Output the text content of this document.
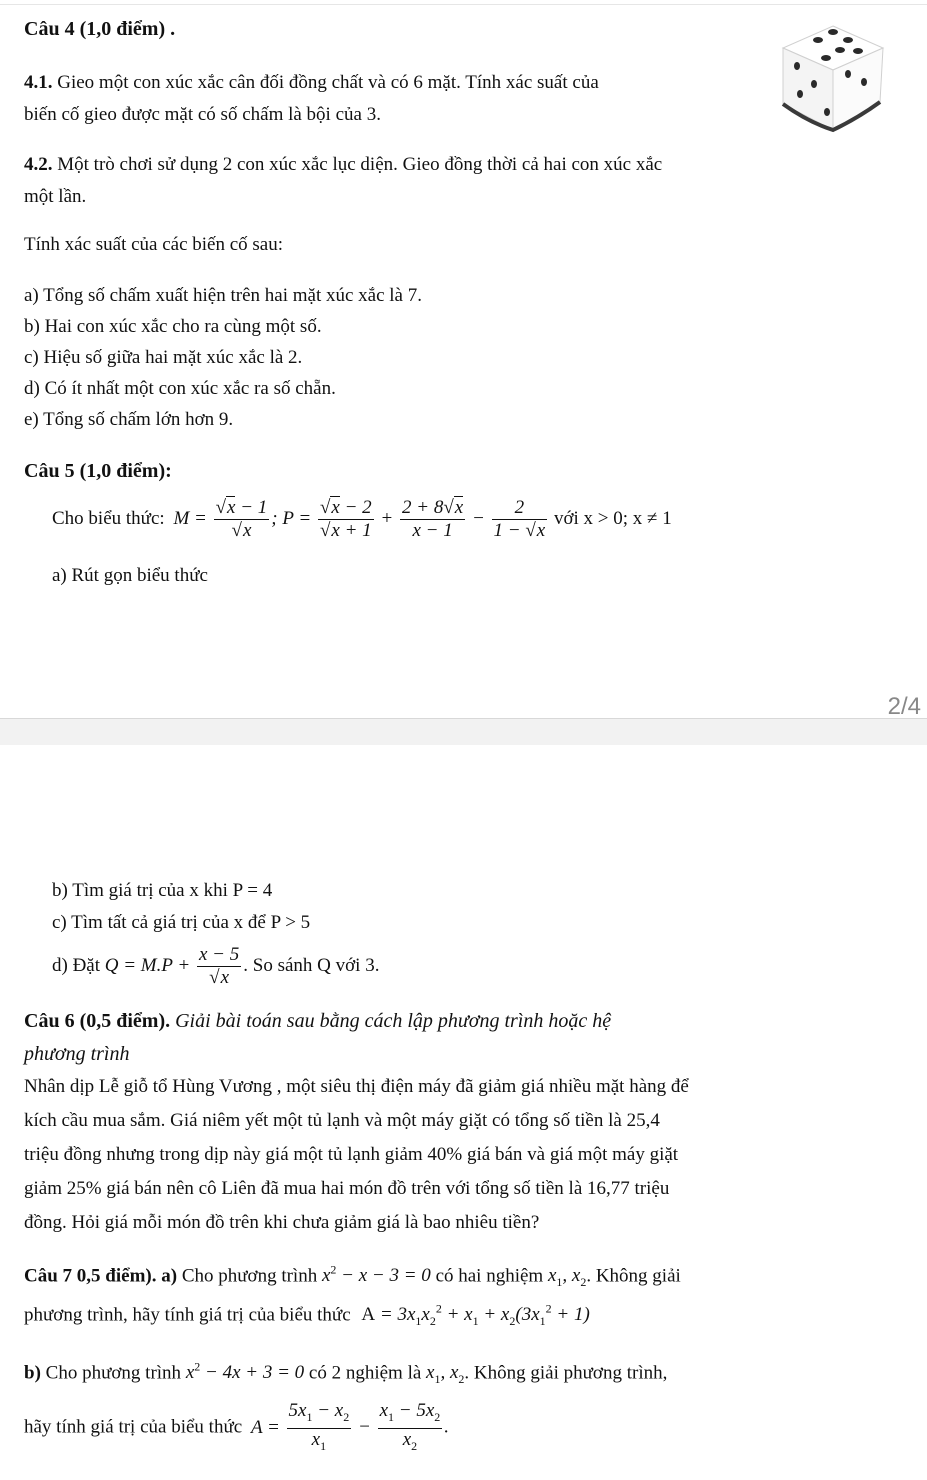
Câu 4 (1,0 điểm) .
4.1. Gieo một con xúc xắc cân đối đồng chất và có 6 mặt. Tính xác suất của
biến cố gieo được mặt có số chấm là bội của 3.
4.2. Một trò chơi sử dụng 2 con xúc xắc lục diện. Gieo đồng thời cả hai con xúc xắc
một lần.
Tính xác suất của các biến cố sau:
a) Tổng số chấm xuất hiện trên hai mặt xúc xắc là 7.
b) Hai con xúc xắc cho ra cùng một số.
c) Hiệu số giữa hai mặt xúc xắc là 2.
d) Có ít nhất một con xúc xắc ra số chẵn.
e) Tổng số chấm lớn hơn 9.
Câu 5 (1,0 điểm):
Cho biểu thức: $M = \frac{√x - 1}{√x}$ ; $P = \frac{√x - 2}{√x + 1} + \frac{2 + 8√x}{x - 1} - \frac{2}{1 - √x}$ với x > 0; x ≠ 1
a) Rút gọn biểu thức
2/4
b) Tìm giá trị của x khi P = 4
c) Tìm tất cả giá trị của x để P > 5
d) Đặt $Q = M.P + \frac{x - 5}{√x}$ . So sánh Q với 3.
Câu 6 (0,5 điểm). Giải bài toán sau bằng cách lập phương trình hoặc hệ
phương trình
Nhân dịp Lễ giỗ tổ Hùng Vương , một siêu thị điện máy đã giảm giá nhiều mặt hàng để
kích cầu mua sắm. Giá niêm yết một tủ lạnh và một máy giặt có tổng số tiền là 25,4
triệu đồng nhưng trong dịp này giá một tủ lạnh giảm 40% giá bán và giá một máy giặt
giảm 25% giá bán nên cô Liên đã mua hai món đồ trên với tổng số tiền là 16,77 triệu
đồng. Hỏi giá mỗi món đồ trên khi chưa giảm giá là bao nhiêu tiền?
Câu 7 0,5 điểm). a) Cho phương trình $x^2 - x - 3 = 0$ có hai nghiệm $x_1$, $x_2$. Không giải
phương trình, hãy tính giá trị của biểu thức $A = 3x_1x_2^2 + x_1 + x_2(3x_1^2 + 1)$
b) Cho phương trình $x^2 - 4x + 3 = 0$ có 2 nghiệm là $x_1$, $x_2$. Không giải phương trình,
hãy tính giá trị của biểu thức $A = \frac{5x_1 - x_2}{x_1} - \frac{x_1 - 5x_2}{x_2}$ .
